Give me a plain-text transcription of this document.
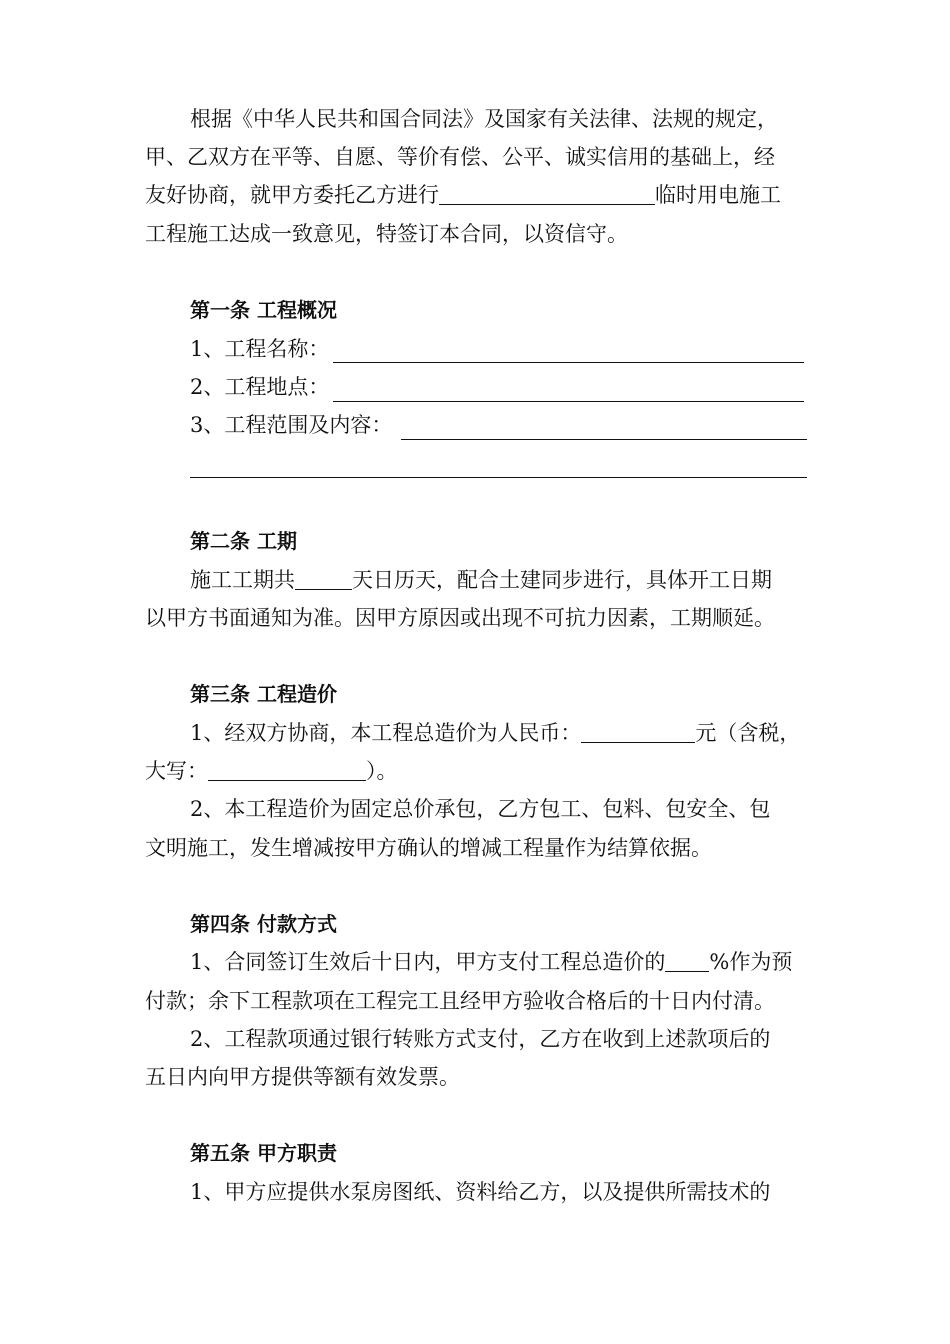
根据《中华人民共和国合同法》及国家有关法律、法规的规定，
甲、乙双方在平等、自愿、等价有偿、公平、诚实信用的基础上，经
友好协商，就甲方委托乙方进行	临时用电施工
工程施工达成一致意见，特签订本合同，以资信守。
第一条 工程概况
1、工程名称：
2、工程地点：
3、工程范围及内容：
第二条 工期
施工工期共	天日历天，配合土建同步进行，具体开工日期
以甲方书面通知为准。因甲方原因或出现不可抗力因素，工期顺延。
第三条 工程造价
1、经双方协商，本工程总造价为人民币：	元（含税，
大写：	）。
2、本工程造价为固定总价承包，乙方包工、包料、包安全、包
文明施工，发生增减按甲方确认的增减工程量作为结算依据。
第四条 付款方式
1、合同签订生效后十日内，甲方支付工程总造价的 %作为预
付款；余下工程款项在工程完工且经甲方验收合格后的十日内付清。
2、工程款项通过银行转账方式支付，乙方在收到上述款项后的
五日内向甲方提供等额有效发票。
第五条 甲方职责
1、甲方应提供水泵房图纸、资料给乙方，以及提供所需技术的
